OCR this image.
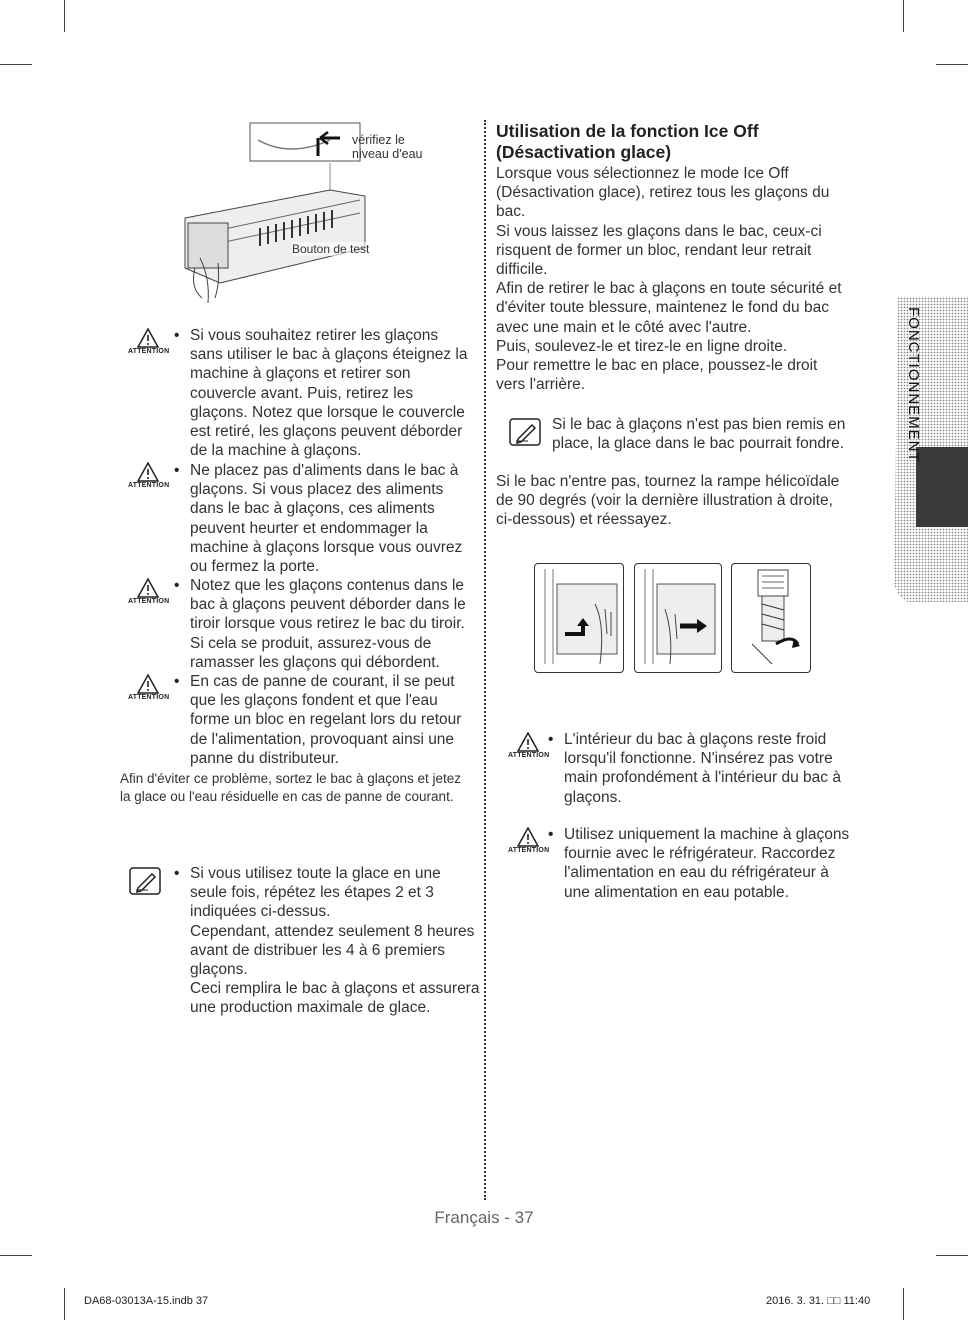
vérifiez le
niveau d'eau
Bouton de test
ATTENTION
• Si vous souhaitez retirer les glaçons sans utiliser le bac à glaçons éteignez la machine à glaçons et retirer son couvercle avant. Puis, retirez les glaçons. Notez que lorsque le couvercle est retiré, les glaçons peuvent déborder de la machine à glaçons.
ATTENTION
• Ne placez pas d'aliments dans le bac à glaçons. Si vous placez des aliments dans le bac à glaçons, ces aliments peuvent heurter et endommager la machine à glaçons lorsque vous ouvrez ou fermez la porte.
ATTENTION
• Notez que les glaçons contenus dans le bac à glaçons peuvent déborder dans le tiroir lorsque vous retirez le bac du tiroir. Si cela se produit, assurez-vous de ramasser les glaçons qui débordent.
ATTENTION
• En cas de panne de courant, il se peut que les glaçons fondent et que l'eau forme un bloc en regelant lors du retour de l'alimentation, provoquant ainsi une panne du distributeur.
Afin d'éviter ce problème, sortez le bac à glaçons et jetez la glace ou l'eau résiduelle en cas de panne de courant.
• Si vous utilisez toute la glace en une seule fois, répétez les étapes 2 et 3 indiquées ci-dessus.
Cependant, attendez seulement 8 heures avant de distribuer les 4 à 6 premiers glaçons.
Ceci remplira le bac à glaçons et assurera une production maximale de glace.
Utilisation de la fonction Ice Off (Désactivation glace)
Lorsque vous sélectionnez le mode Ice Off (Désactivation glace), retirez tous les glaçons du bac.
Si vous laissez les glaçons dans le bac, ceux-ci risquent de former un bloc, rendant leur retrait difficile.
Afin de retirer le bac à glaçons en toute sécurité et d'éviter toute blessure, maintenez le fond du bac avec une main et le côté avec l'autre.
Puis, soulevez-le et tirez-le en ligne droite.
Pour remettre le bac en place, poussez-le droit vers l'arrière.
Si le bac à glaçons n'est pas bien remis en place, la glace dans le bac pourrait fondre.
Si le bac n'entre pas, tournez la rampe hélicoïdale de 90 degrés (voir la dernière illustration à droite, ci-dessous) et réessayez.
ATTENTION
• L'intérieur du bac à glaçons reste froid lorsqu'il fonctionne. N'insérez pas votre main profondément à l'intérieur du bac à glaçons.
ATTENTION
• Utilisez uniquement la machine à glaçons fournie avec le réfrigérateur. Raccordez l'alimentation en eau du réfrigérateur à une alimentation en eau potable.
FONCTIONNEMENT
Français - 37
DA68-03013A-15.indb 37	2016. 3. 31. □□ 11:40
